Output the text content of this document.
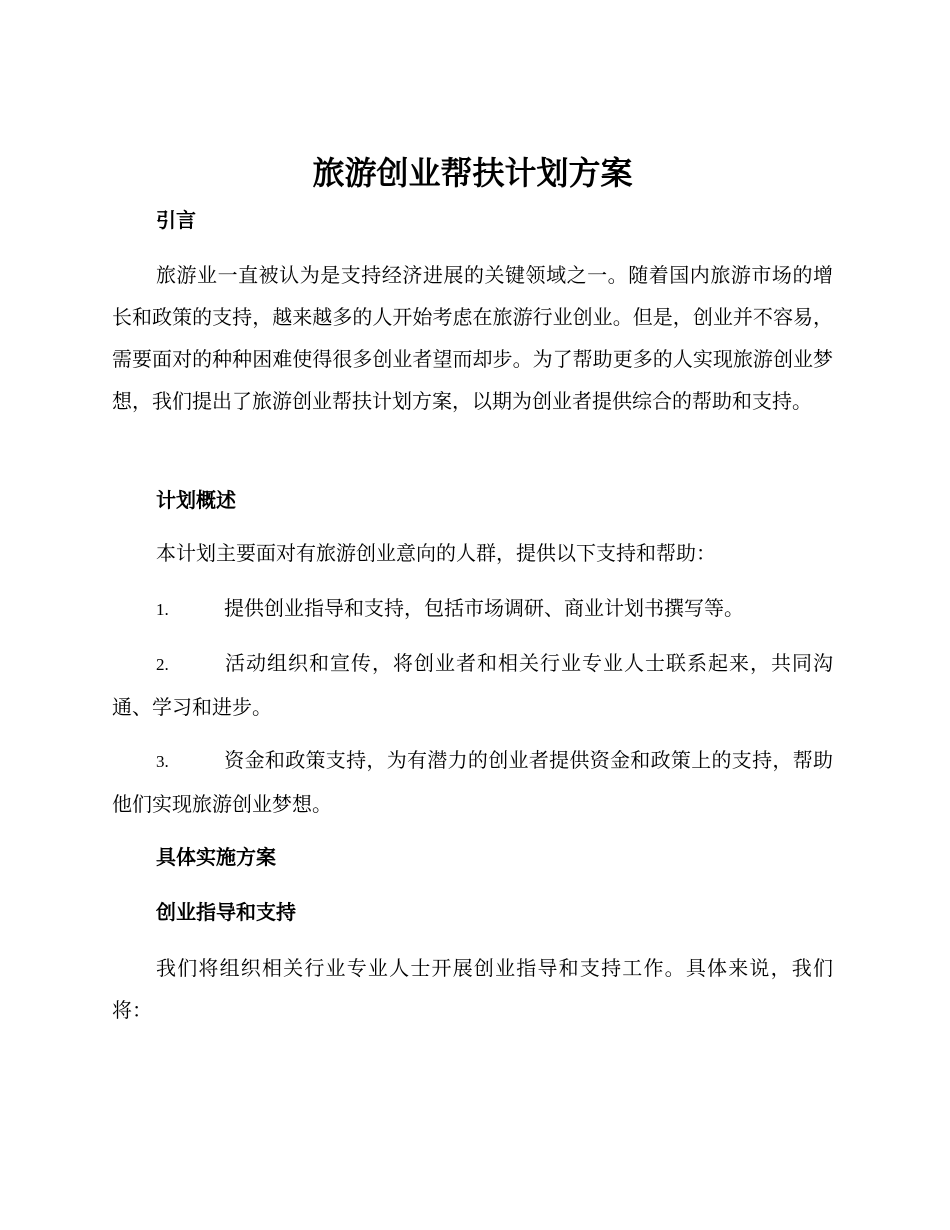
旅游创业帮扶计划方案
引言

旅游业一直被认为是支持经济进展的关键领域之一。随着国内旅游市场的增长和政策的支持，越来越多的人开始考虑在旅游行业创业。但是，创业并不容易，需要面对的种种困难使得很多创业者望而却步。为了帮助更多的人实现旅游创业梦想，我们提出了旅游创业帮扶计划方案，以期为创业者提供综合的帮助和支持。

计划概述

本计划主要面对有旅游创业意向的人群，提供以下支持和帮助：

1.	提供创业指导和支持，包括市场调研、商业计划书撰写等。

2.	活动组织和宣传，将创业者和相关行业专业人士联系起来，共同沟通、学习和进步。

3.	资金和政策支持，为有潜力的创业者提供资金和政策上的支持，帮助他们实现旅游创业梦想。

具体实施方案
创业指导和支持

我们将组织相关行业专业人士开展创业指导和支持工作。具体来说，我们将：
